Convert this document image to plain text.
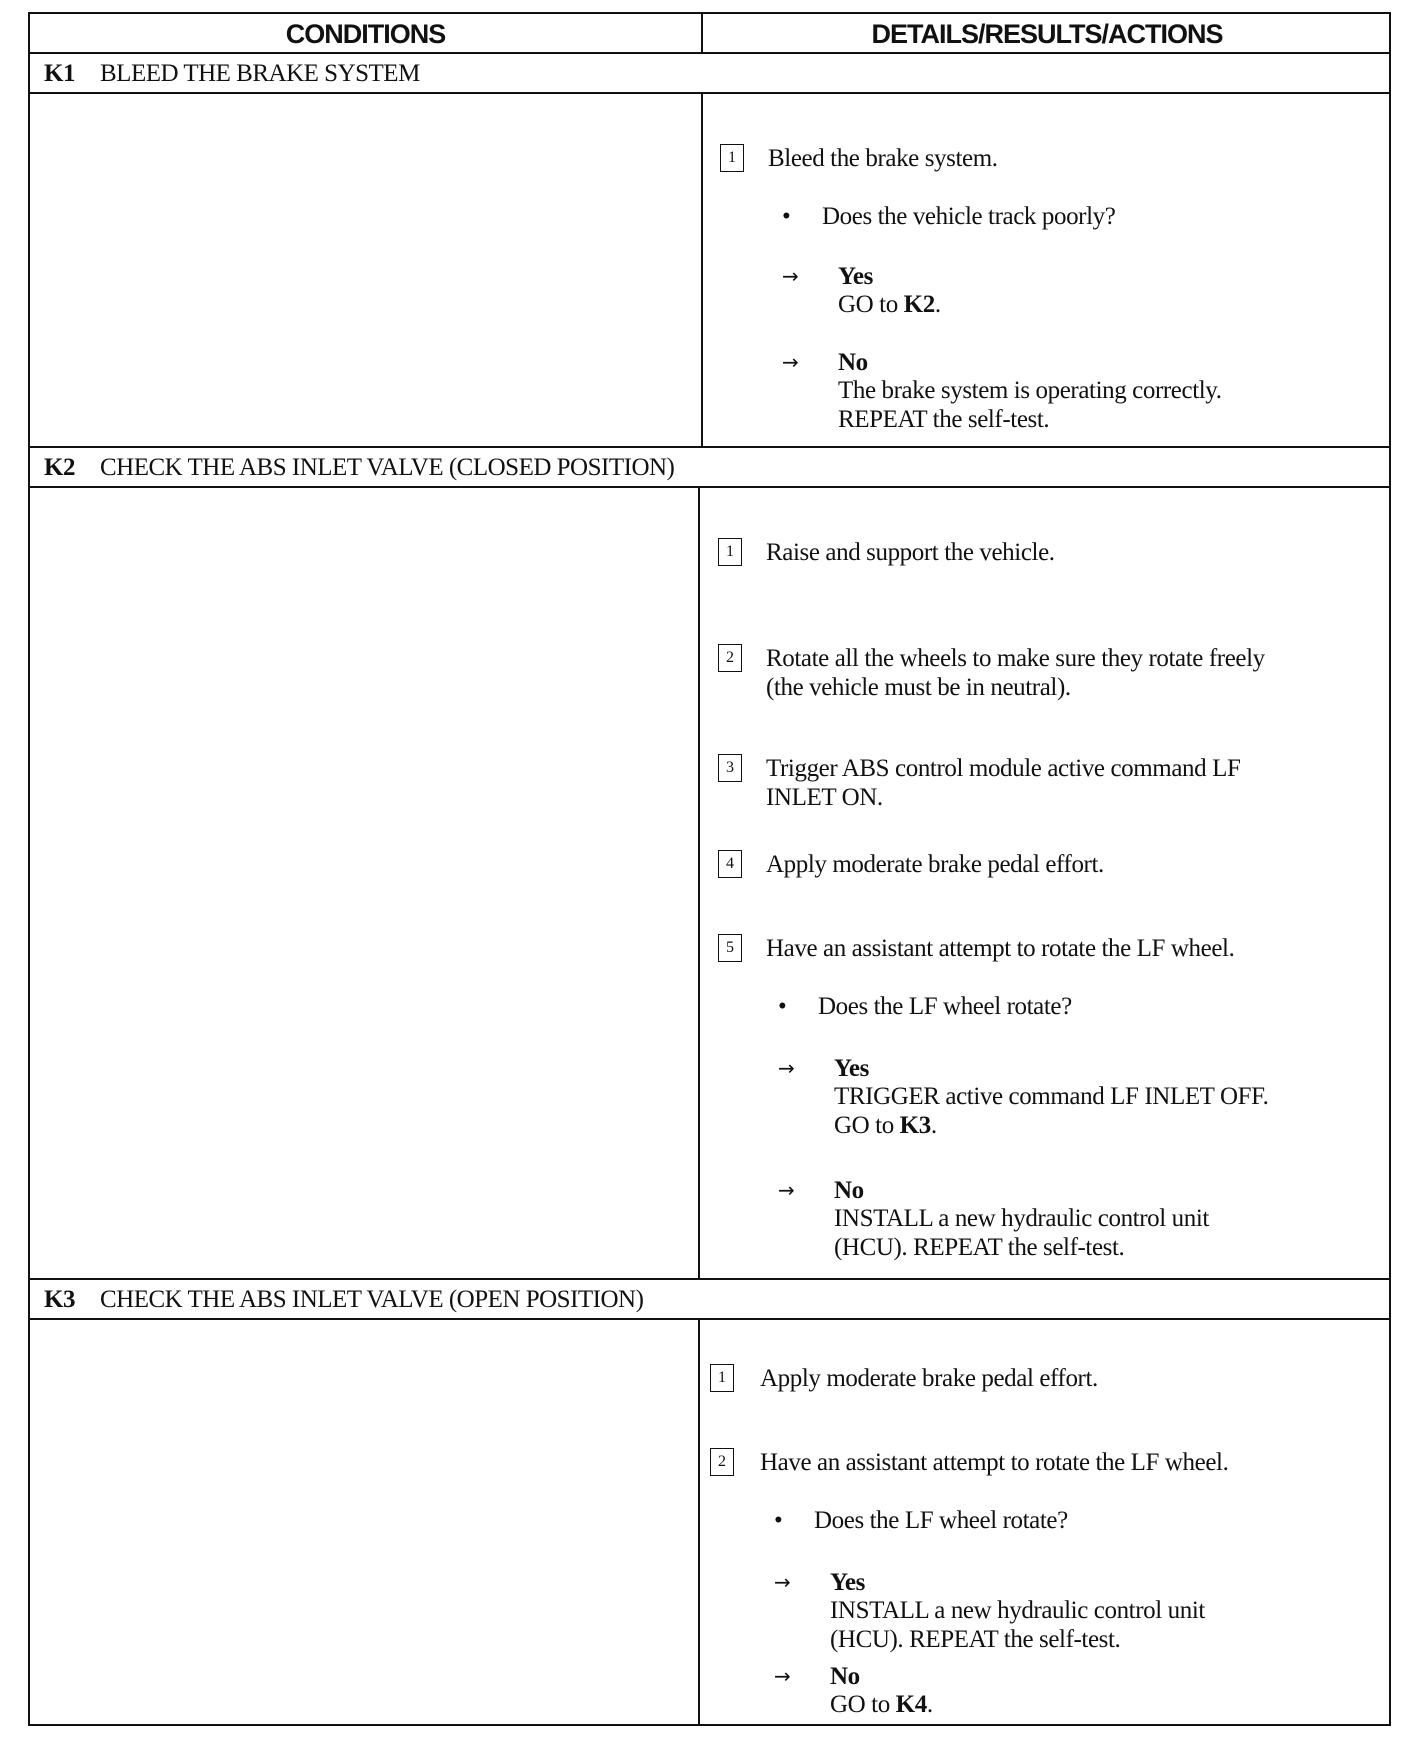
CONDITIONS	DETAILS/RESULTS/ACTIONS
K1 BLEED THE BRAKE SYSTEM
1	Bleed the brake system.
• Does the vehicle track poorly?
→ Yes
GO to K2.
→ No
The brake system is operating correctly.
REPEAT the self-test.
K2 CHECK THE ABS INLET VALVE (CLOSED POSITION)
1	Raise and support the vehicle.
2	Rotate all the wheels to make sure they rotate freely
(the vehicle must be in neutral).
3	Trigger ABS control module active command LF
INLET ON.
4	Apply moderate brake pedal effort.
5	Have an assistant attempt to rotate the LF wheel.
• Does the LF wheel rotate?
→ Yes
TRIGGER active command LF INLET OFF.
GO to K3.
→ No
INSTALL a new hydraulic control unit
(HCU). REPEAT the self-test.
K3 CHECK THE ABS INLET VALVE (OPEN POSITION)
1	Apply moderate brake pedal effort.
2	Have an assistant attempt to rotate the LF wheel.
• Does the LF wheel rotate?
→ Yes
INSTALL a new hydraulic control unit
(HCU). REPEAT the self-test.
→ No
GO to K4.
